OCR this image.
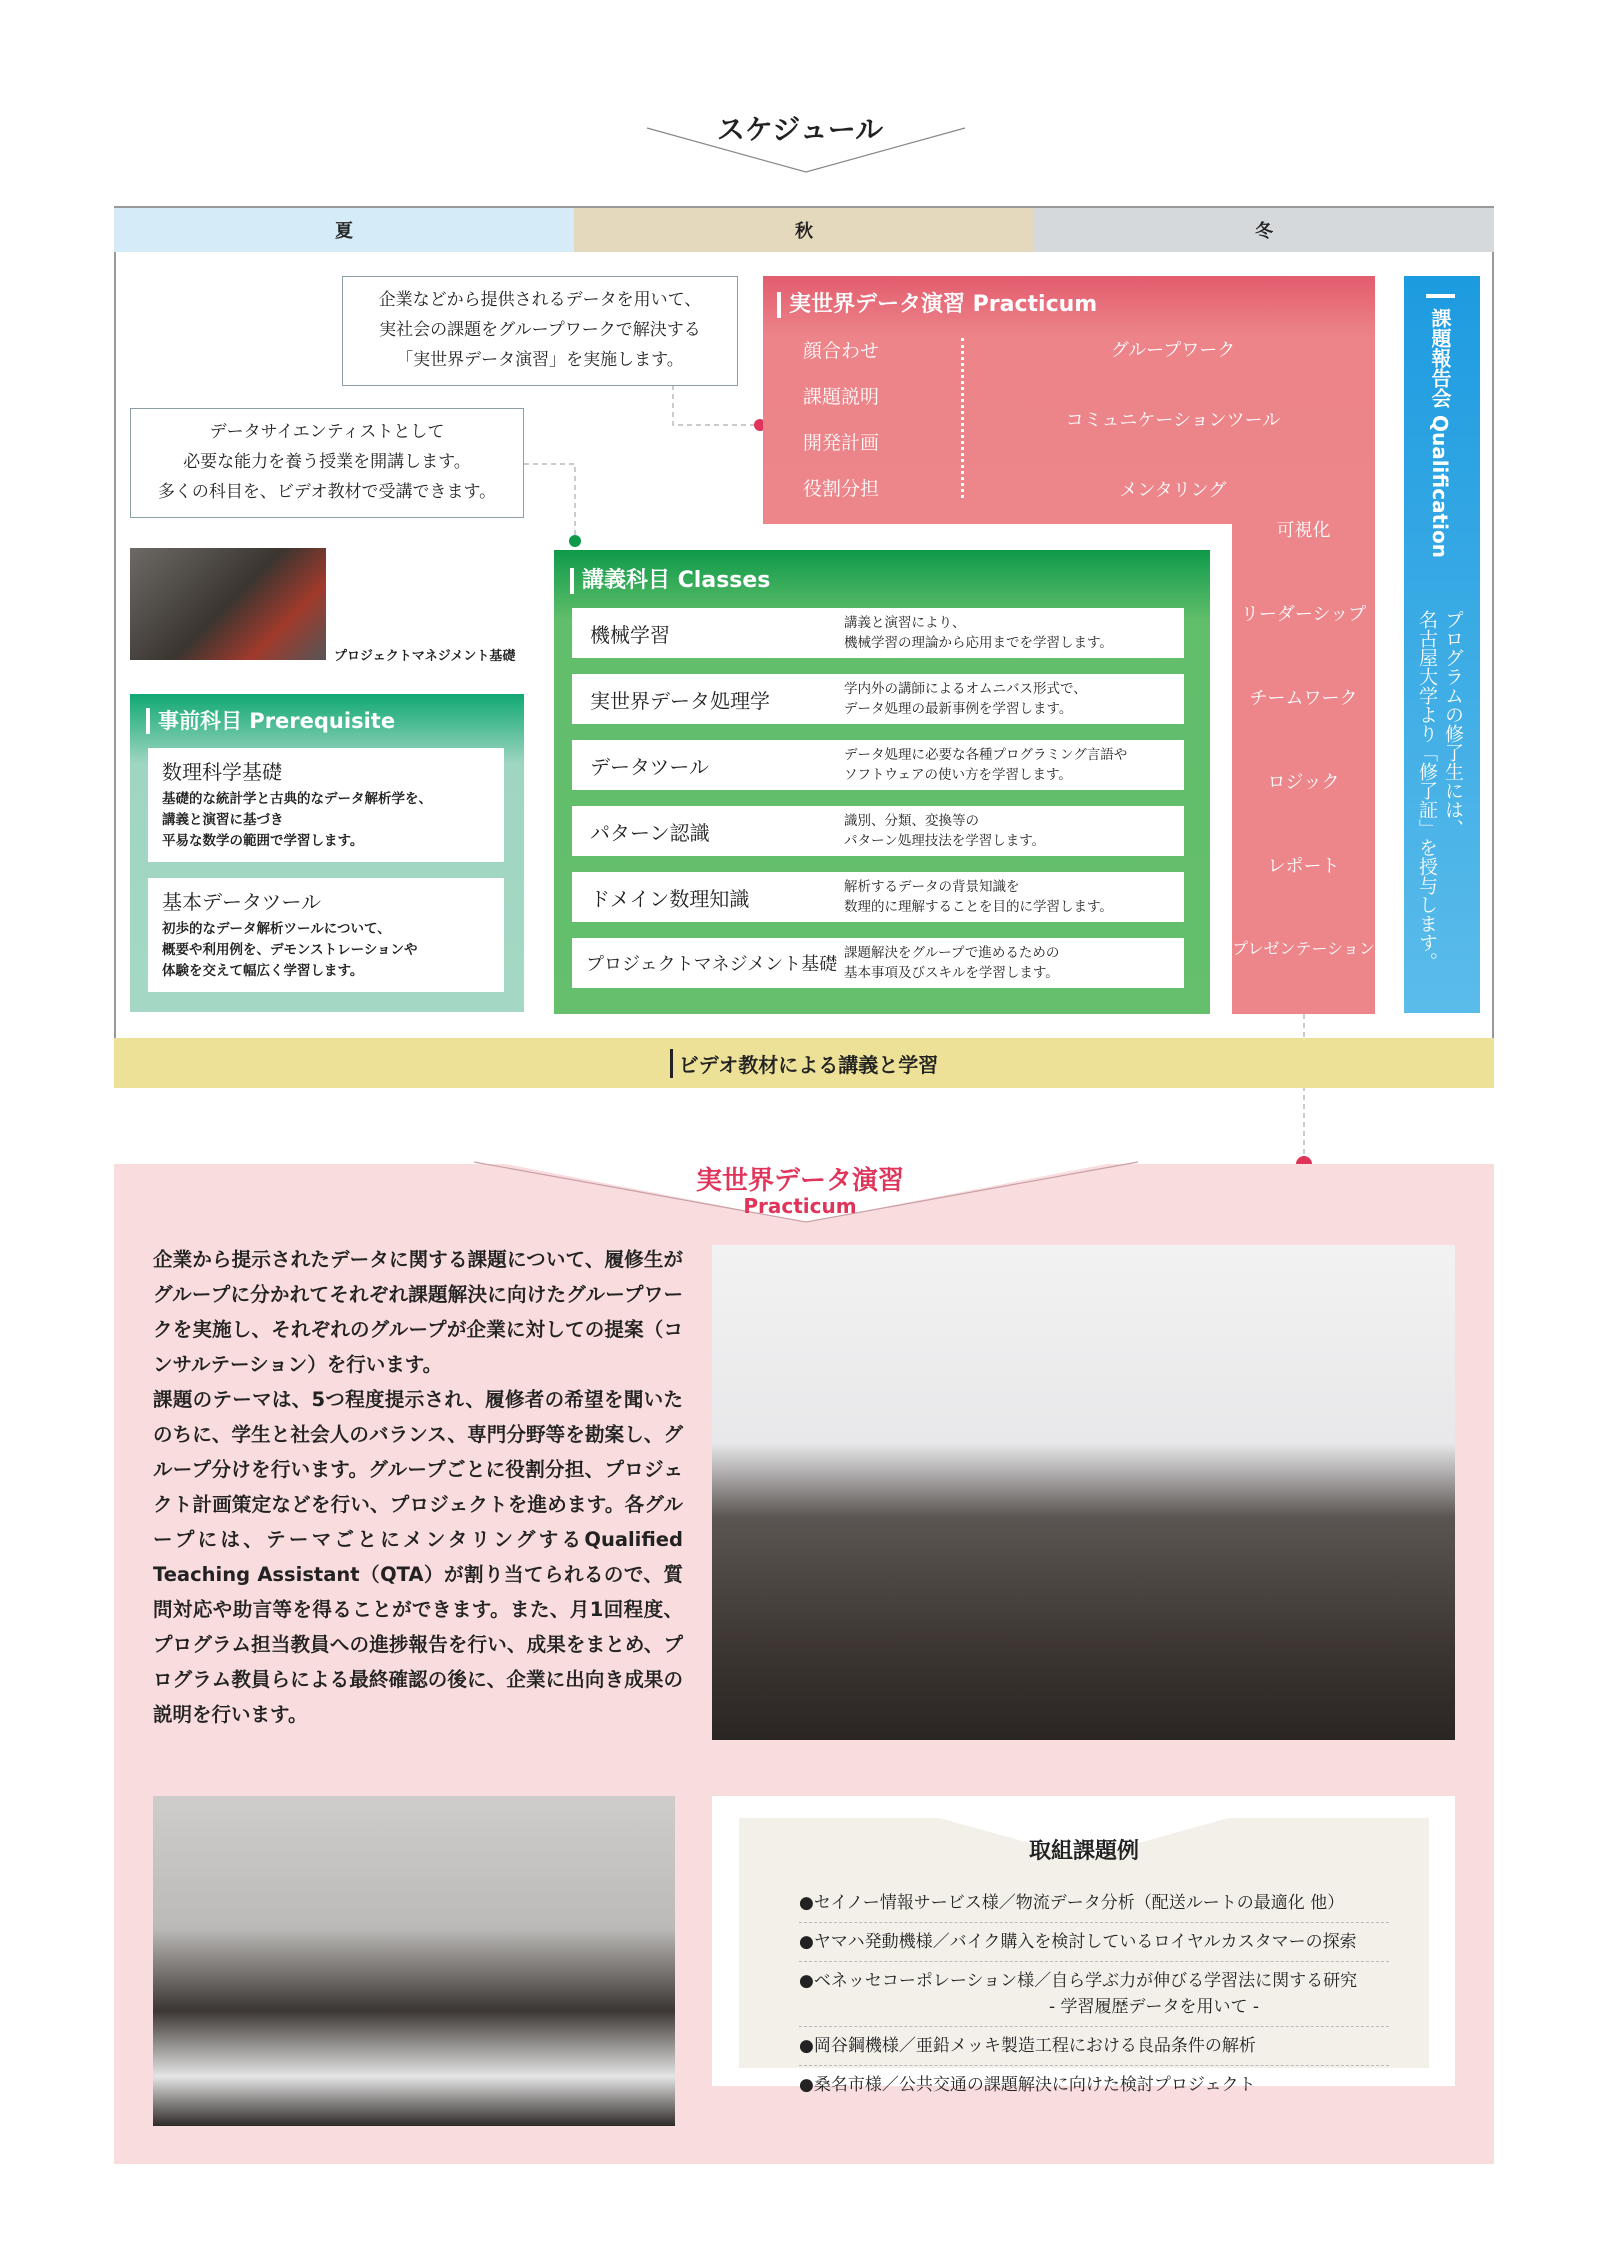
スケジュール
夏	秋	冬
企業などから提供されるデータを用いて、
実社会の課題をグループワークで解決する
「実世界データ演習」を実施します。
データサイエンティストとして
必要な能力を養う授業を開講します。
多くの科目を、ビデオ教材で受講できます。
プロジェクトマネジメント基礎
実世界データ演習 Practicum
顔合わせ
課題説明
開発計画
役割分担
グループワーク
コミュニケーションツール
メンタリング
可視化
リーダーシップ
チームワーク
ロジック
レポート
プレゼンテーション
課題報告会 Qualification
プログラムの修了生には、
名古屋大学より「修了証」を授与します。
講義科目 Classes
機械学習	講義と演習により、
機械学習の理論から応用までを学習します。
実世界データ処理学	学内外の講師によるオムニバス形式で、
データ処理の最新事例を学習します。
データツール	データ処理に必要な各種プログラミング言語や
ソフトウェアの使い方を学習します。
パターン認識	識別、分類、変換等の
パターン処理技法を学習します。
ドメイン数理知識	解析するデータの背景知識を
数理的に理解することを目的に学習します。
プロジェクトマネジメント基礎
課題解決をグループで進めるための
基本事項及びスキルを学習します。
事前科目 Prerequisite
数理科学基礎

基礎的な統計学と古典的なデータ解析学を、

講義と演習に基づき

平易な数学の範囲で学習します。

基本データツール

初歩的なデータ解析ツールについて、

概要や利用例を、デモンストレーションや

体験を交えて幅広く学習します。

ビデオ教材による講義と学習
実世界データ演習
Practicum

企業から提示されたデータに関する課題について、履修生がグループに分かれてそれぞれ課題解決に向けたグループワークを実施し、それぞれのグループが企業に対しての提案（コンサルテーション）を行います。

課題のテーマは、5つ程度提示され、履修者の希望を聞いたのちに、学生と社会人のバランス、専門分野等を勘案し、グループ分けを行います。グループごとに役割分担、プロジェクト計画策定などを行い、プロジェクトを進めます。各グループには、テーマごとにメンタリングするQualified Teaching Assistant（QTA）が割り当てられるので、質問対応や助言等を得ることができます。また、月1回程度、プログラム担当教員への進捗報告を行い、成果をまとめ、プログラム教員らによる最終確認の後に、企業に出向き成果の説明を行います。

取組課題例
●セイノー情報サービス様／物流データ分析（配送ルートの最適化 他）
●ヤマハ発動機様／バイク購入を検討しているロイヤルカスタマーの探索
●ベネッセコーポレーション様／自ら学ぶ力が伸びる学習法に関する研究
- 学習履歴データを用いて -
●岡谷鋼機様／亜鉛メッキ製造工程における良品条件の解析
●桑名市様／公共交通の課題解決に向けた検討プロジェクト
